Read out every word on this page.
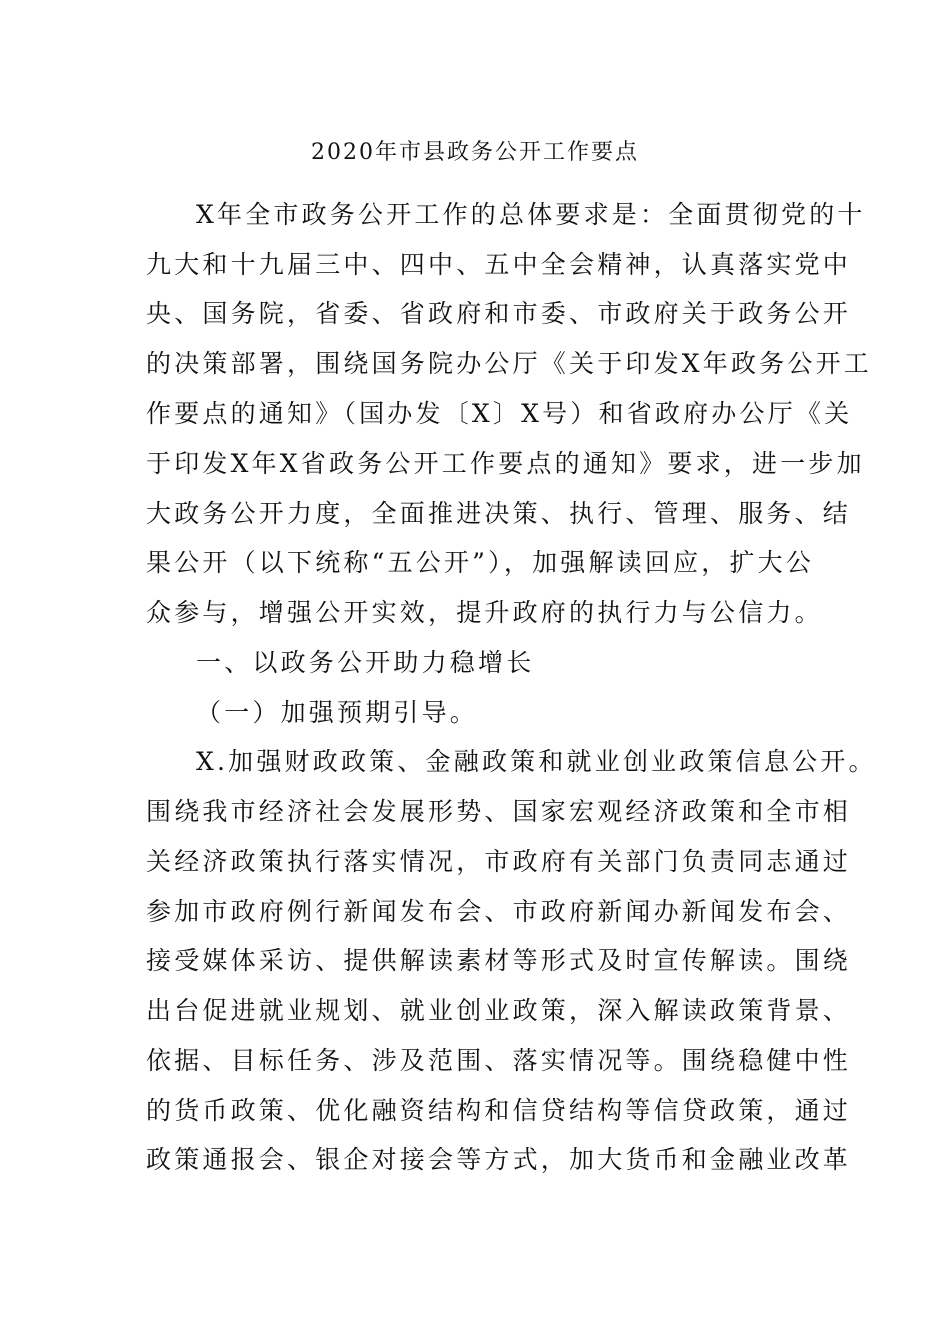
2020年市县政务公开工作要点
X年全市政务公开工作的总体要求是：全面贯彻党的十
九大和十九届三中、四中、五中全会精神，认真落实党中
央、国务院，省委、省政府和市委、市政府关于政务公开
的决策部署，围绕国务院办公厅《关于印发X年政务公开工
作要点的通知》（国办发〔X〕X号）和省政府办公厅《关
于印发X年X省政务公开工作要点的通知》要求，进一步加
大政务公开力度，全面推进决策、执行、管理、服务、结
果公开（以下统称“五公开”），加强解读回应，扩大公
众参与，增强公开实效，提升政府的执行力与公信力。
一、以政务公开助力稳增长
（一）加强预期引导。
X.加强财政政策、金融政策和就业创业政策信息公开。
围绕我市经济社会发展形势、国家宏观经济政策和全市相
关经济政策执行落实情况，市政府有关部门负责同志通过
参加市政府例行新闻发布会、市政府新闻办新闻发布会、
接受媒体采访、提供解读素材等形式及时宣传解读。围绕
出台促进就业规划、就业创业政策，深入解读政策背景、
依据、目标任务、涉及范围、落实情况等。围绕稳健中性
的货币政策、优化融资结构和信贷结构等信贷政策，通过
政策通报会、银企对接会等方式，加大货币和金融业改革
